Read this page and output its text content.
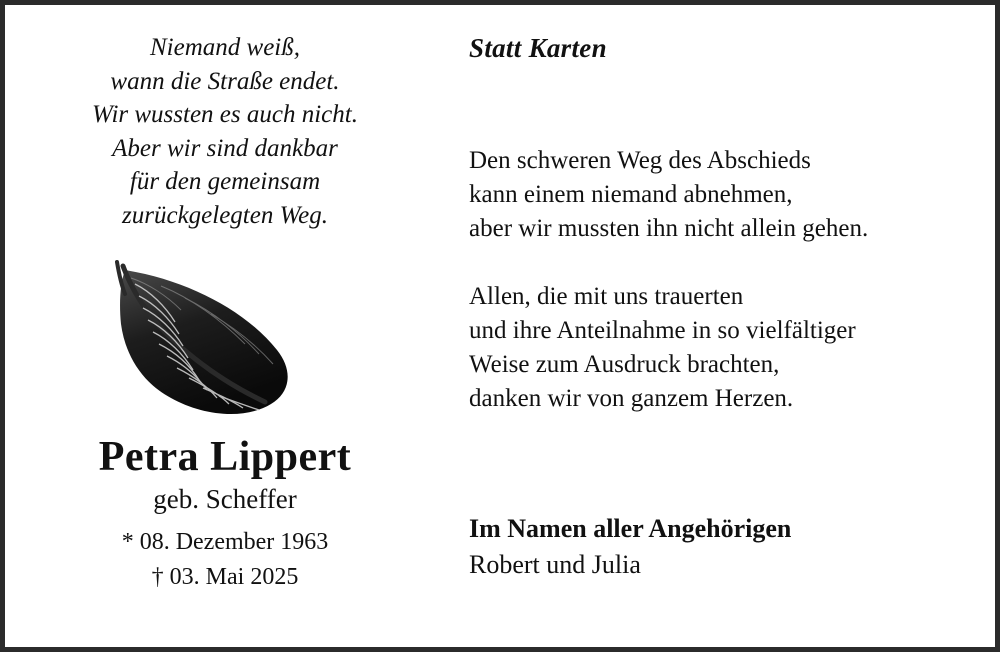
Niemand weiß,
wann die Straße endet.
Wir wussten es auch nicht.
Aber wir sind dankbar
für den gemeinsam
zurückgelegten Weg.
Petra Lippert
geb. Scheffer
* 08. Dezember 1963
† 03. Mai 2025
Statt Karten
Den schweren Weg des Abschieds
kann einem niemand abnehmen,
aber wir mussten ihn nicht allein gehen.
Allen, die mit uns trauerten
und ihre Anteilnahme in so vielfältiger
Weise zum Ausdruck brachten,
danken wir von ganzem Herzen.
Im Namen aller Angehörigen
Robert und Julia
